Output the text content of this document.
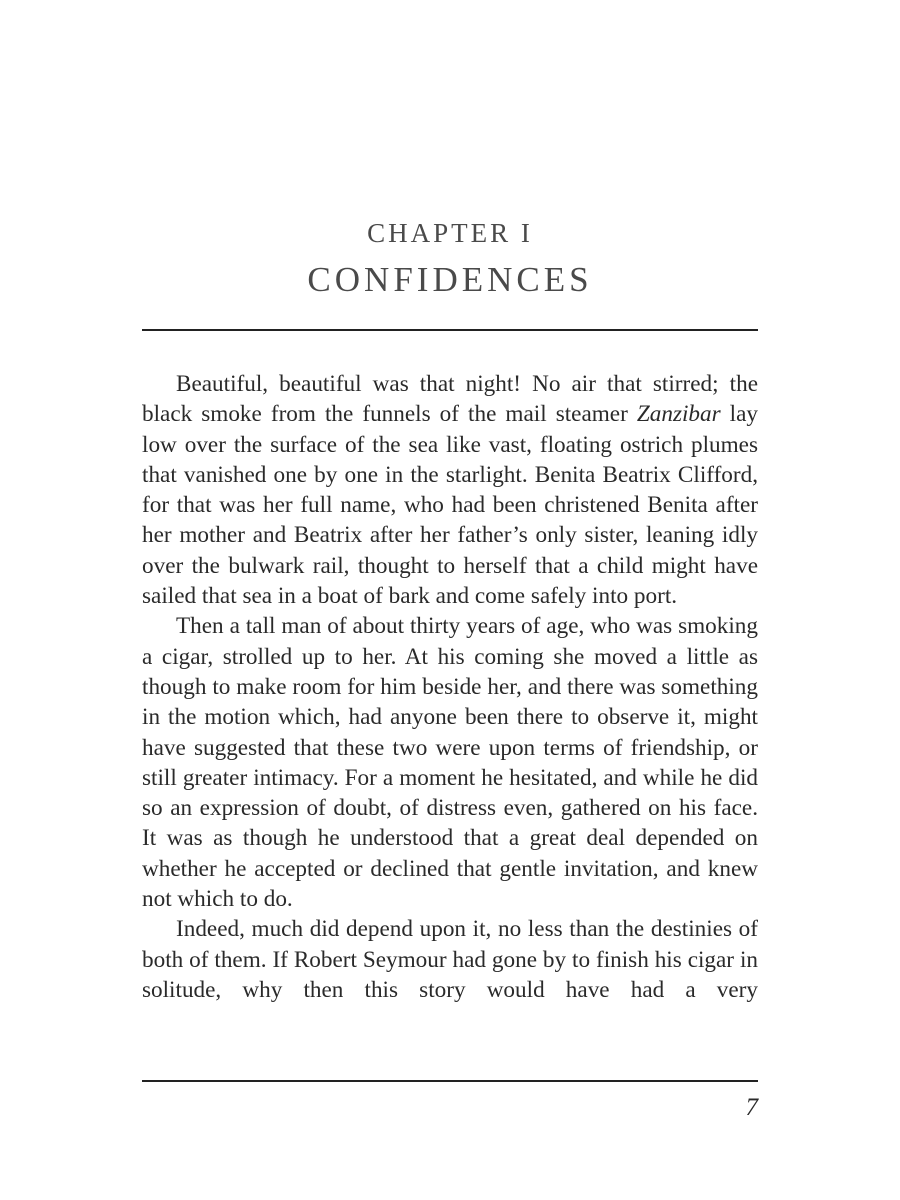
CHAPTER I
CONFIDENCES

Beautiful, beautiful was that night! No air that stirred; the black smoke from the funnels of the mail steamer Zanzibar lay low over the surface of the sea like vast, floating ostrich plumes that vanished one by one in the starlight. Benita Beatrix Clifford, for that was her full name, who had been christened Benita after her mother and Beatrix after her father’s only sister, leaning idly over the bulwark rail, thought to herself that a child might have sailed that sea in a boat of bark and come safely into port.

Then a tall man of about thirty years of age, who was smoking a cigar, strolled up to her. At his coming she moved a little as though to make room for him beside her, and there was something in the motion which, had anyone been there to observe it, might have suggested that these two were upon terms of friendship, or still greater intimacy. For a moment he hesitated, and while he did so an expression of doubt, of distress even, gathered on his face. It was as though he understood that a great deal depended on whether he accepted or declined that gentle invitation, and knew not which to do.

Indeed, much did depend upon it, no less than the destinies of both of them. If Robert Seymour had gone by to finish his cigar in solitude, why then this story would have had a very

7
